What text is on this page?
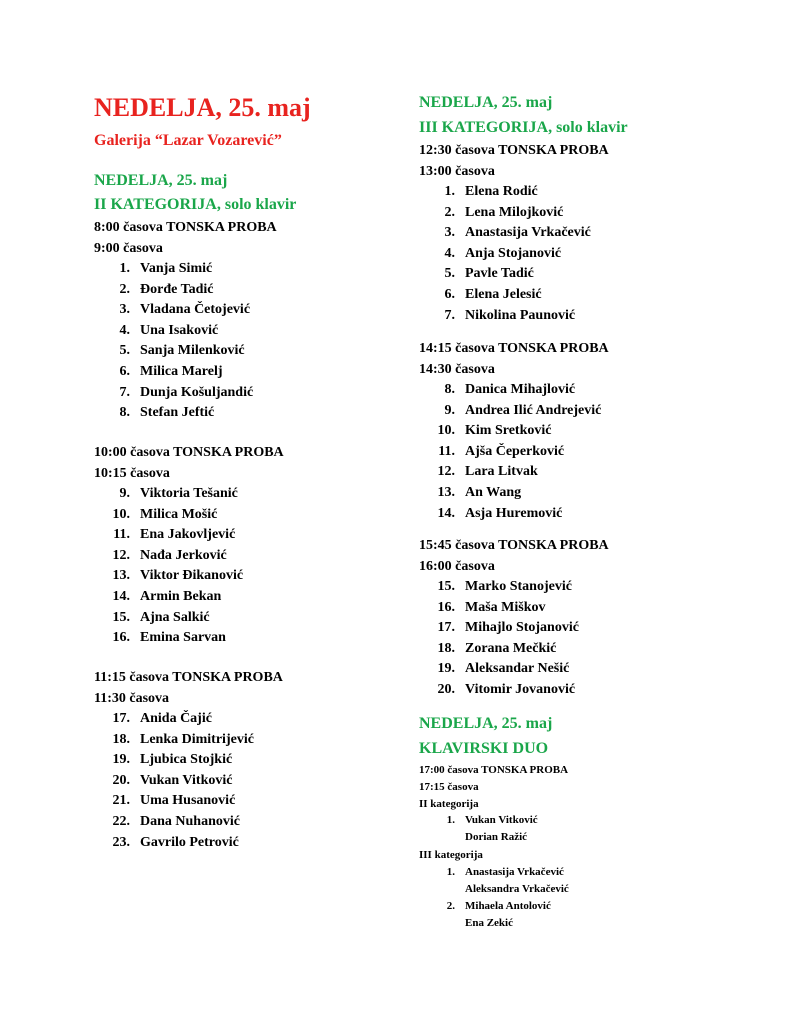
NEDELJA, 25. maj
Galerija “Lazar Vozarević”
NEDELJA, 25. maj
II KATEGORIJA, solo klavir
8:00 časova TONSKA PROBA
9:00 časova
1. Vanja Simić
2. Đorđe Tadić
3. Vladana Četojević
4. Una Isaković
5. Sanja Milenković
6. Milica Marelj
7. Dunja Košuljandić
8. Stefan Jeftić
10:00 časova TONSKA PROBA
10:15 časova
9. Viktoria Tešanić
10. Milica Mošić
11. Ena Jakovljević
12. Nađa Jerković
13. Viktor Đikanović
14. Armin Bekan
15. Ajna Salkić
16. Emina Sarvan
11:15 časova TONSKA PROBA
11:30 časova
17. Anida Čajić
18. Lenka Dimitrijević
19. Ljubica Stojkić
20. Vukan Vitković
21. Uma Husanović
22. Dana Nuhanović
23. Gavrilo Petrović
NEDELJA, 25. maj
III KATEGORIJA, solo klavir
12:30 časova TONSKA PROBA
13:00 časova
1. Elena Rodić
2. Lena Milojković
3. Anastasija Vrkačević
4. Anja Stojanović
5. Pavle Tadić
6. Elena Jelesić
7. Nikolina Paunović
14:15 časova TONSKA PROBA
14:30 časova
8. Danica Mihajlović
9. Andrea Ilić Andrejević
10. Kim Sretković
11. Ajša Čeperković
12. Lara Litvak
13. An Wang
14. Asja Huremović
15:45 časova TONSKA PROBA
16:00 časova
15. Marko Stanojević
16. Maša Miškov
17. Mihajlo Stojanović
18. Zorana Mečkić
19. Aleksandar Nešić
20. Vitomir Jovanović
NEDELJA, 25. maj
KLAVIRSKI DUO
17:00 časova TONSKA PROBA
17:15 časova
II kategorija
1. Vukan Vitković
Dorian Ražić
III kategorija
1. Anastasija Vrkačević
Aleksandra Vrkačević
2. Mihaela Antolović
Ena Zekić
